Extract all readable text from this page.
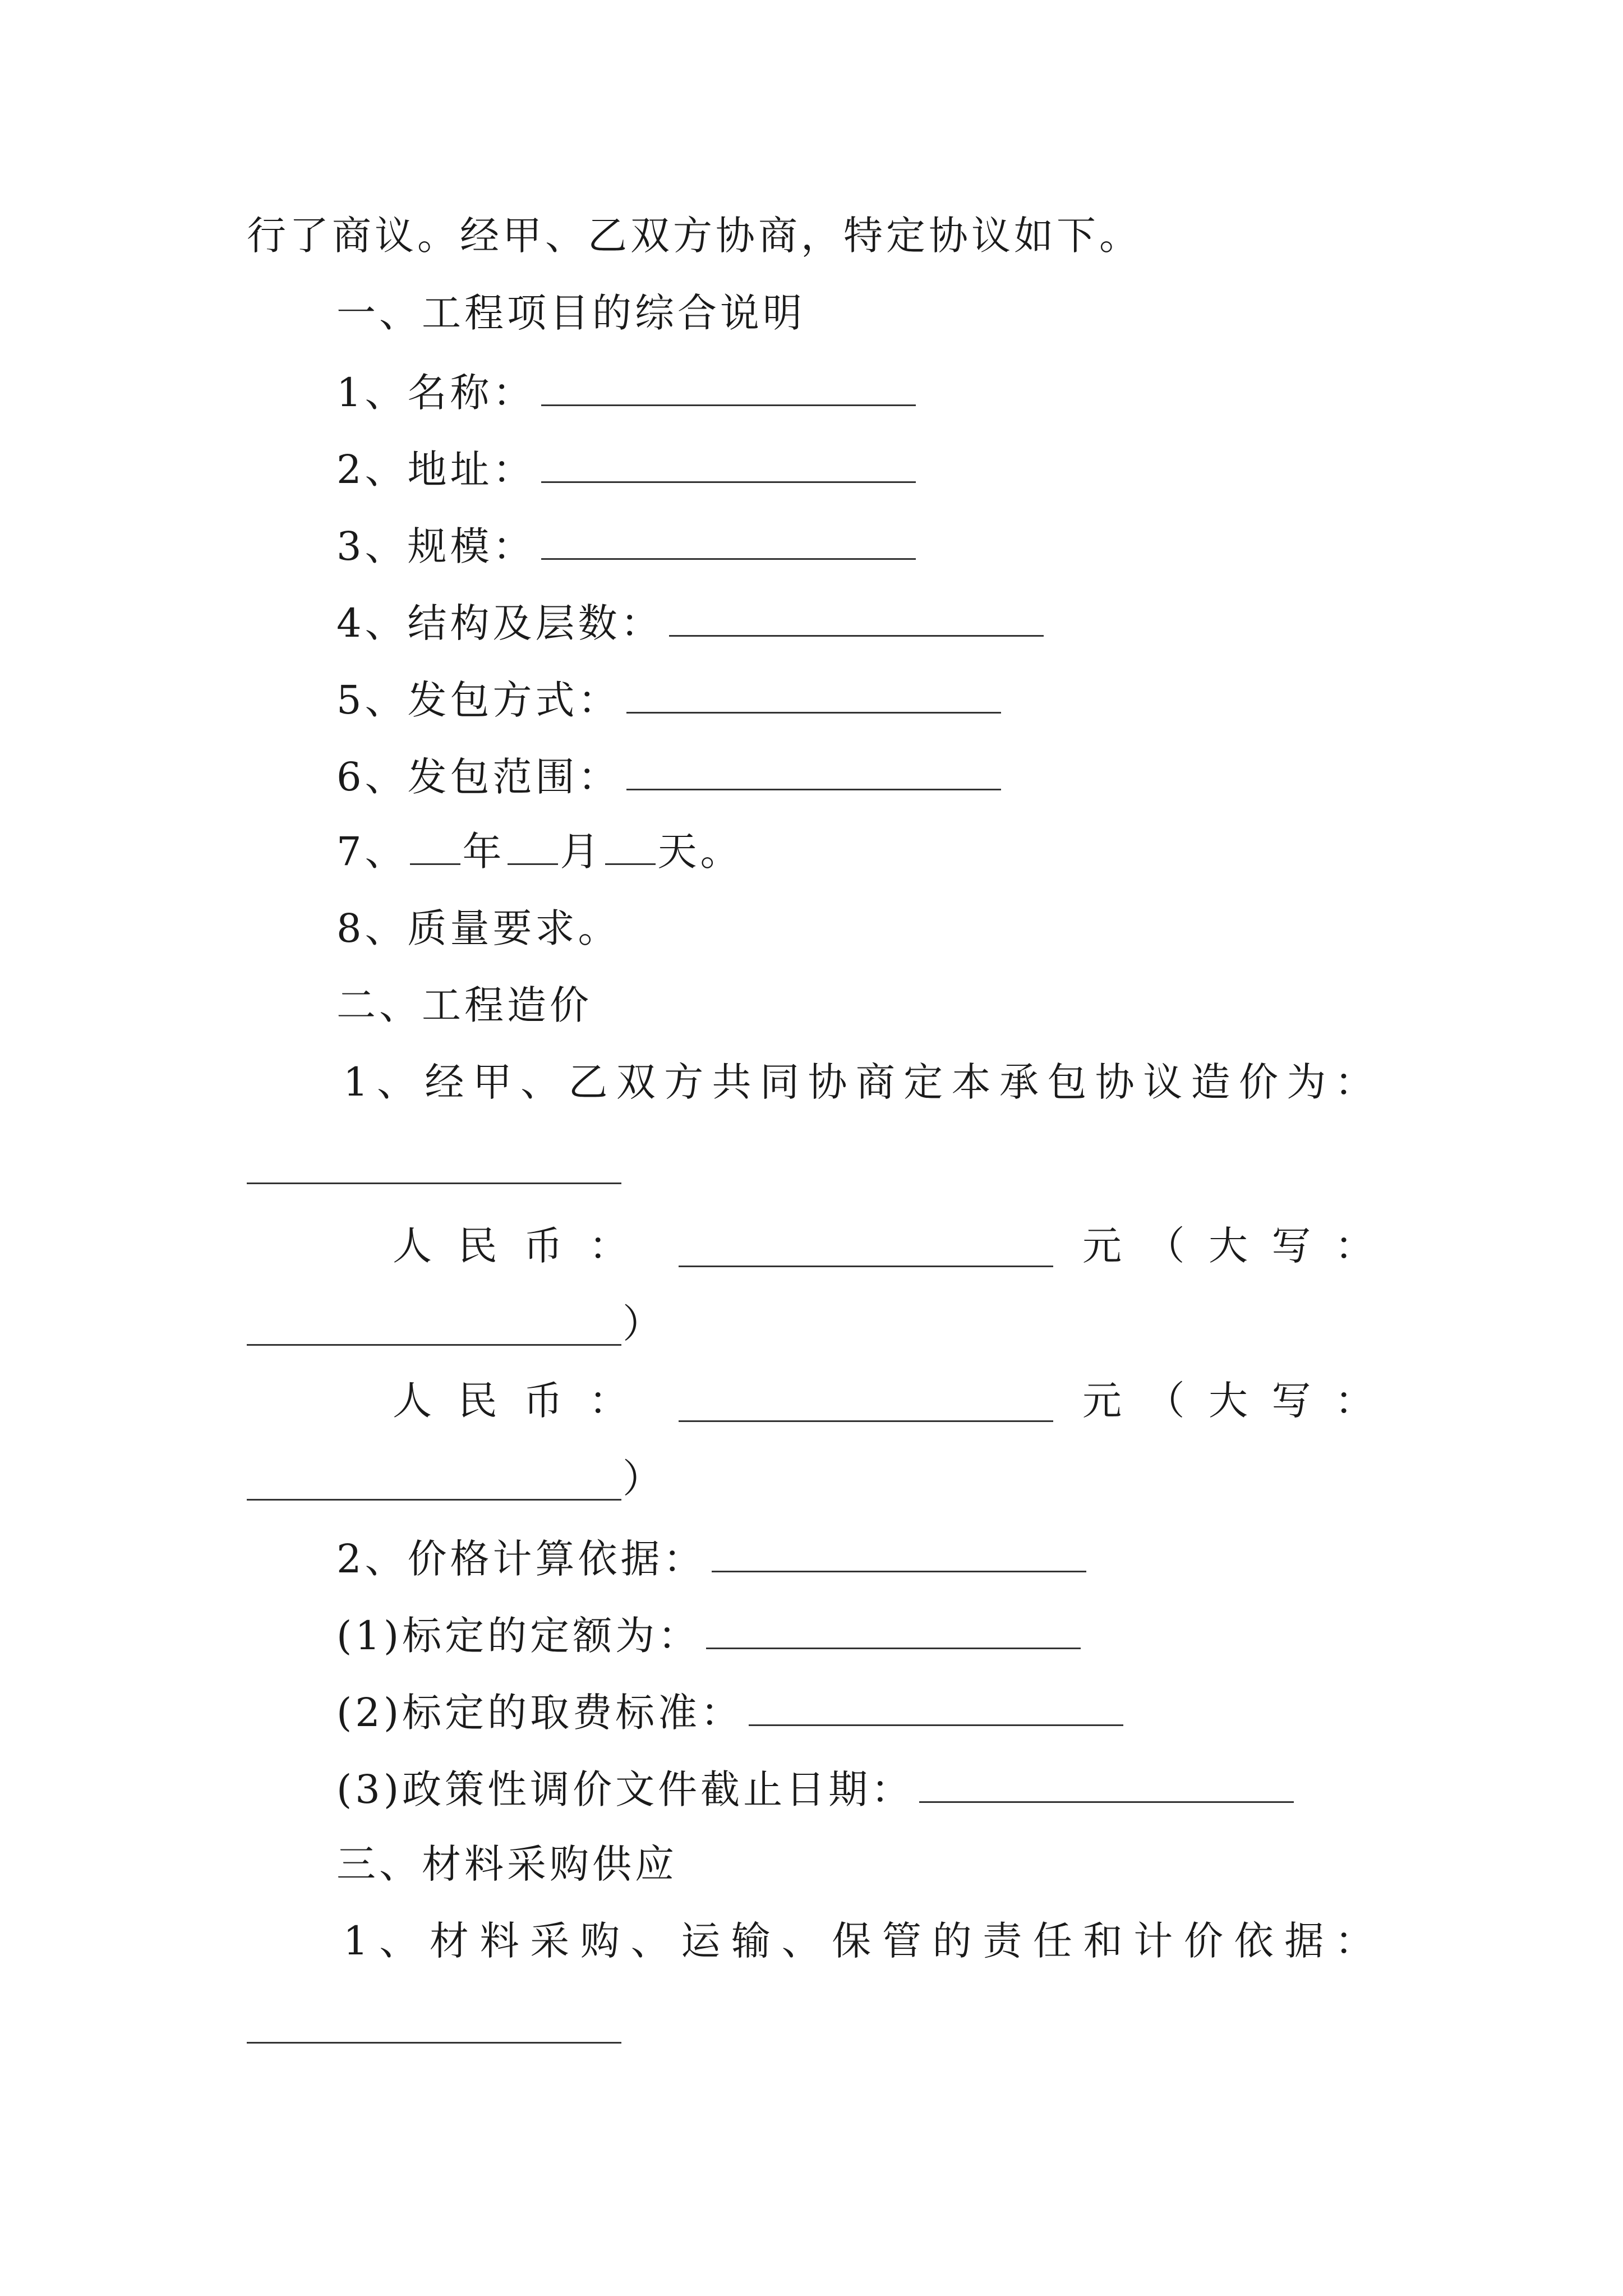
行了商议。经甲、乙双方协商，特定协议如下。
一、工程项目的综合说明
1、名称：
2、地址：
3、规模：
4、结构及层数：
5、发包方式：
6、发包范围：
7、 年 月 天。
8、质量要求。
二、工程造价
1 、 经 甲 、 乙 双 方 共 同 协 商 定 本 承 包 协 议 造 价 为 ：
人 民 币 ：	元 （ 大 写 ：
）
人 民 币 ：	元 （ 大 写 ：
）
2、价格计算依据：
(1)标定的定额为：
(2)标定的取费标准：
(3)政策性调价文件截止日期：
三、材料采购供应
1 、 材 料 采 购 、 运 输 、 保 管 的 责 任 和 计 价 依 据 ：
